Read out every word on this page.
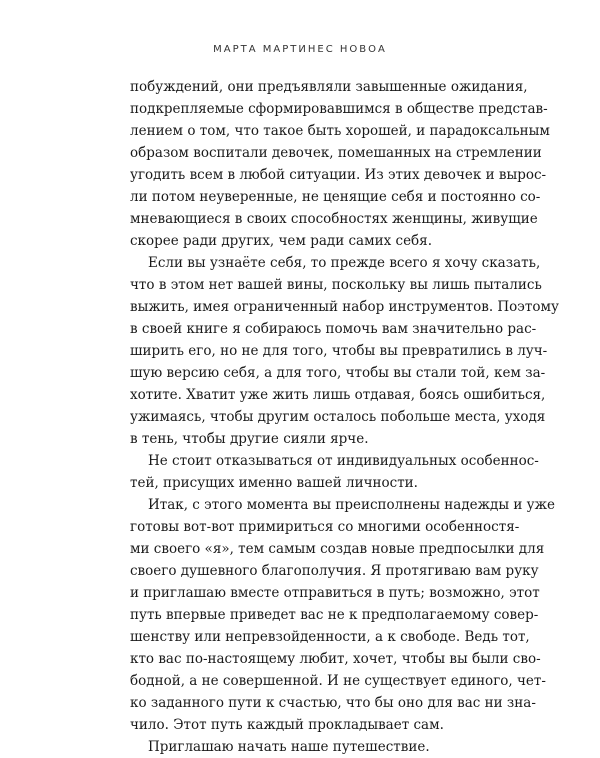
МАРТА МАРТИНЕС НОВОА
побуждений, они предъявляли завышенные ожидания,
подкрепляемые сформировавшимся в обществе представ-
лением о том, что такое быть хорошей, и парадоксальным
образом воспитали девочек, помешанных на стремлении
угодить всем в любой ситуации. Из этих девочек и вырос-
ли потом неуверенные, не ценящие себя и постоянно со-
мневающиеся в своих способностях женщины, живущие
скорее ради других, чем ради самих себя.
Если вы узнаёте себя, то прежде всего я хочу сказать,
что в этом нет вашей вины, поскольку вы лишь пытались
выжить, имея ограниченный набор инструментов. Поэтому
в своей книге я собираюсь помочь вам значительно рас-
ширить его, но не для того, чтобы вы превратились в луч-
шую версию себя, а для того, чтобы вы стали той, кем за-
хотите. Хватит уже жить лишь отдавая, боясь ошибиться,
ужимаясь, чтобы другим осталось побольше места, уходя
в тень, чтобы другие сияли ярче.
Не стоит отказываться от индивидуальных особеннос-
тей, присущих именно вашей личности.
Итак, с этого момента вы преисполнены надежды и уже
готовы вот-вот примириться со многими особенностя-
ми своего «я», тем самым создав новые предпосылки для
своего душевного благополучия. Я протягиваю вам руку
и приглашаю вместе отправиться в путь; возможно, этот
путь впервые приведет вас не к предполагаемому совер-
шенству или непревзойденности, а к свободе. Ведь тот,
кто вас по-настоящему любит, хочет, чтобы вы были сво-
бодной, а не совершенной. И не существует единого, чет-
ко заданного пути к счастью, что бы оно для вас ни зна-
чило. Этот путь каждый прокладывает сам.
Приглашаю начать наше путешествие.
